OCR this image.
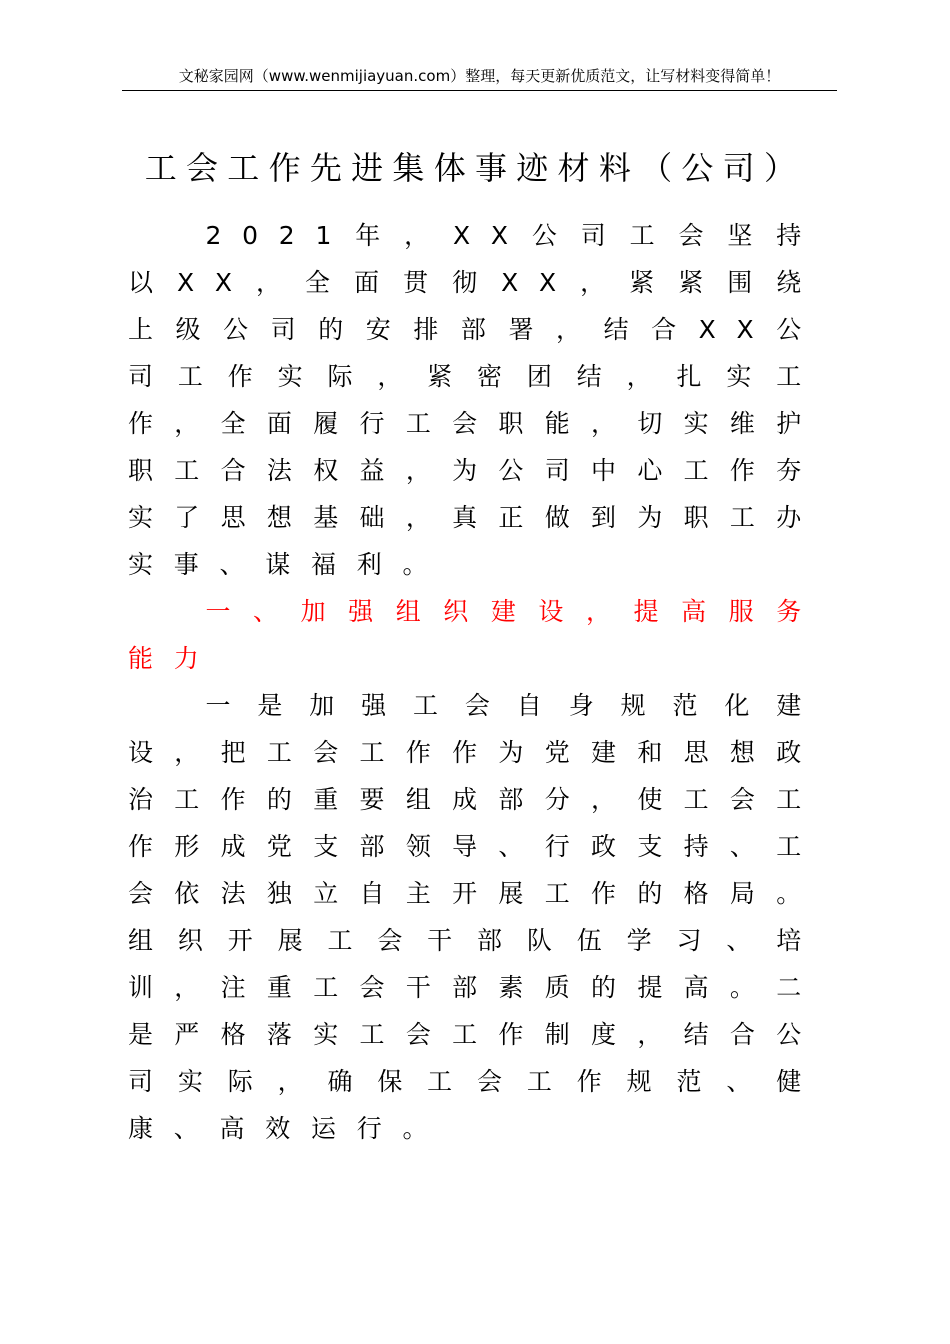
文秘家园网（www.wenmijiayuan.com）整理，每天更新优质范文，让写材料变得简单！
工会工作先进集体事迹材料（公司）

2021年，XX公司工会坚持以XX，全面贯彻XX，紧紧围绕上级公司的安排部署，结合XX公司工作实际，紧密团结，扎实工作，全面履行工会职能，切实维护职工合法权益，为公司中心工作夯实了思想基础，真正做到为职工办实事、谋福利。

一、加强组织建设，提高服务能力

一是加强工会自身规范化建设，把工会工作作为党建和思想政治工作的重要组成部分，使工会工作形成党支部领导、行政支持、工会依法独立自主开展工作的格局。组织开展工会干部队伍学习、培训，注重工会干部素质的提高。二是严格落实工会工作制度，结合公司实际，确保工会工作规范、健康、高效运行。
